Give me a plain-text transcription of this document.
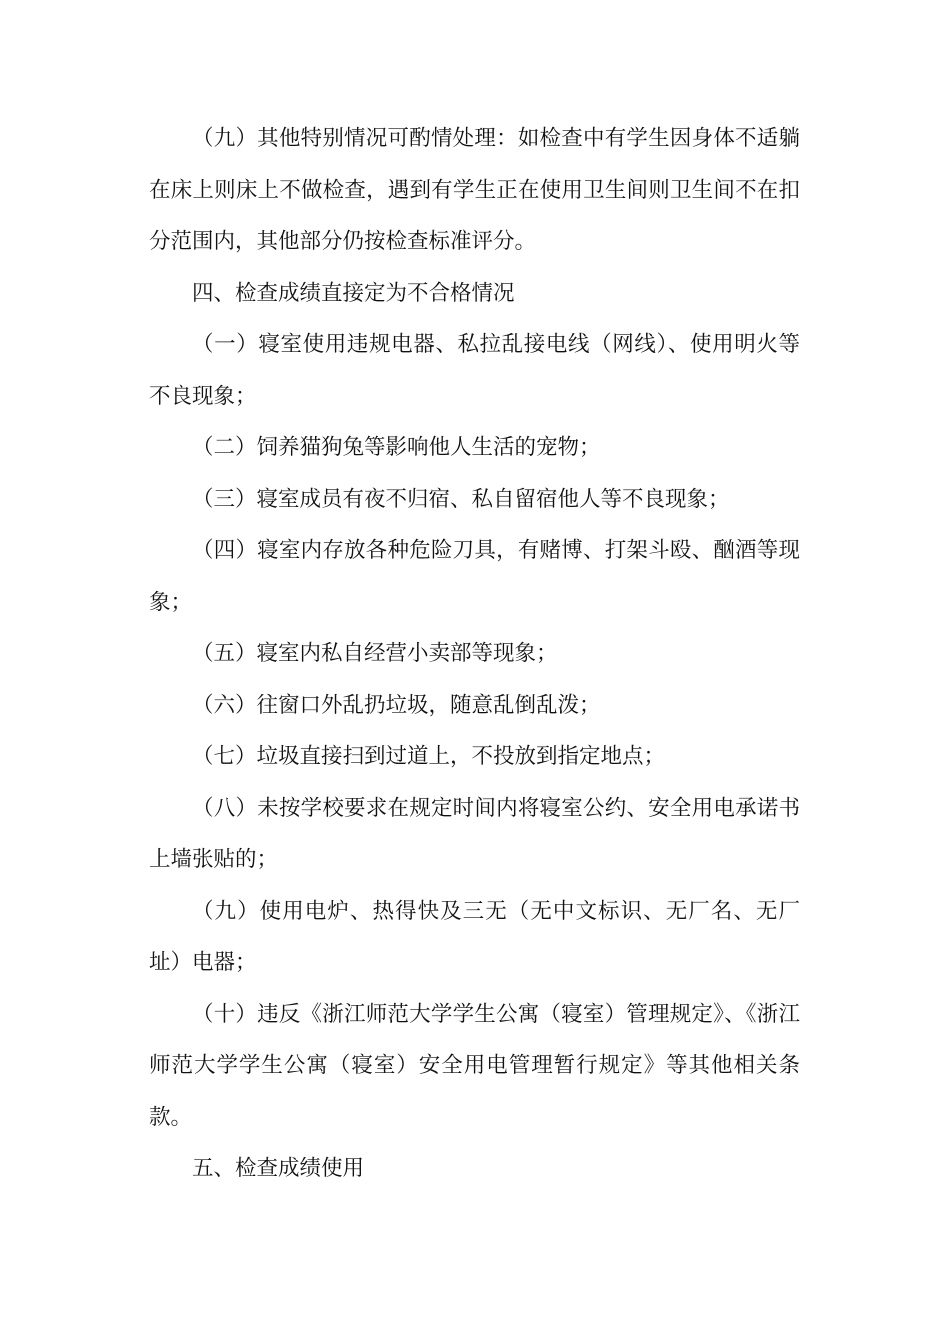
（九）其他特别情况可酌情处理：如检查中有学生因身体不适躺在床上则床上不做检查，遇到有学生正在使用卫生间则卫生间不在扣分范围内，其他部分仍按检查标准评分。

四、检查成绩直接定为不合格情况

（一）寝室使用违规电器、私拉乱接电线（网线）、使用明火等不良现象；

（二）饲养猫狗兔等影响他人生活的宠物；

（三）寝室成员有夜不归宿、私自留宿他人等不良现象；

（四）寝室内存放各种危险刀具，有赌博、打架斗殴、酗酒等现象；

（五）寝室内私自经营小卖部等现象；

（六）往窗口外乱扔垃圾，随意乱倒乱泼；

（七）垃圾直接扫到过道上，不投放到指定地点；

（八）未按学校要求在规定时间内将寝室公约、安全用电承诺书上墙张贴的；

（九）使用电炉、热得快及三无（无中文标识、无厂名、无厂址）电器；

（十）违反《浙江师范大学学生公寓（寝室）管理规定》、《浙江师范大学学生公寓（寝室）安全用电管理暂行规定》等其他相关条款。

五、检查成绩使用
